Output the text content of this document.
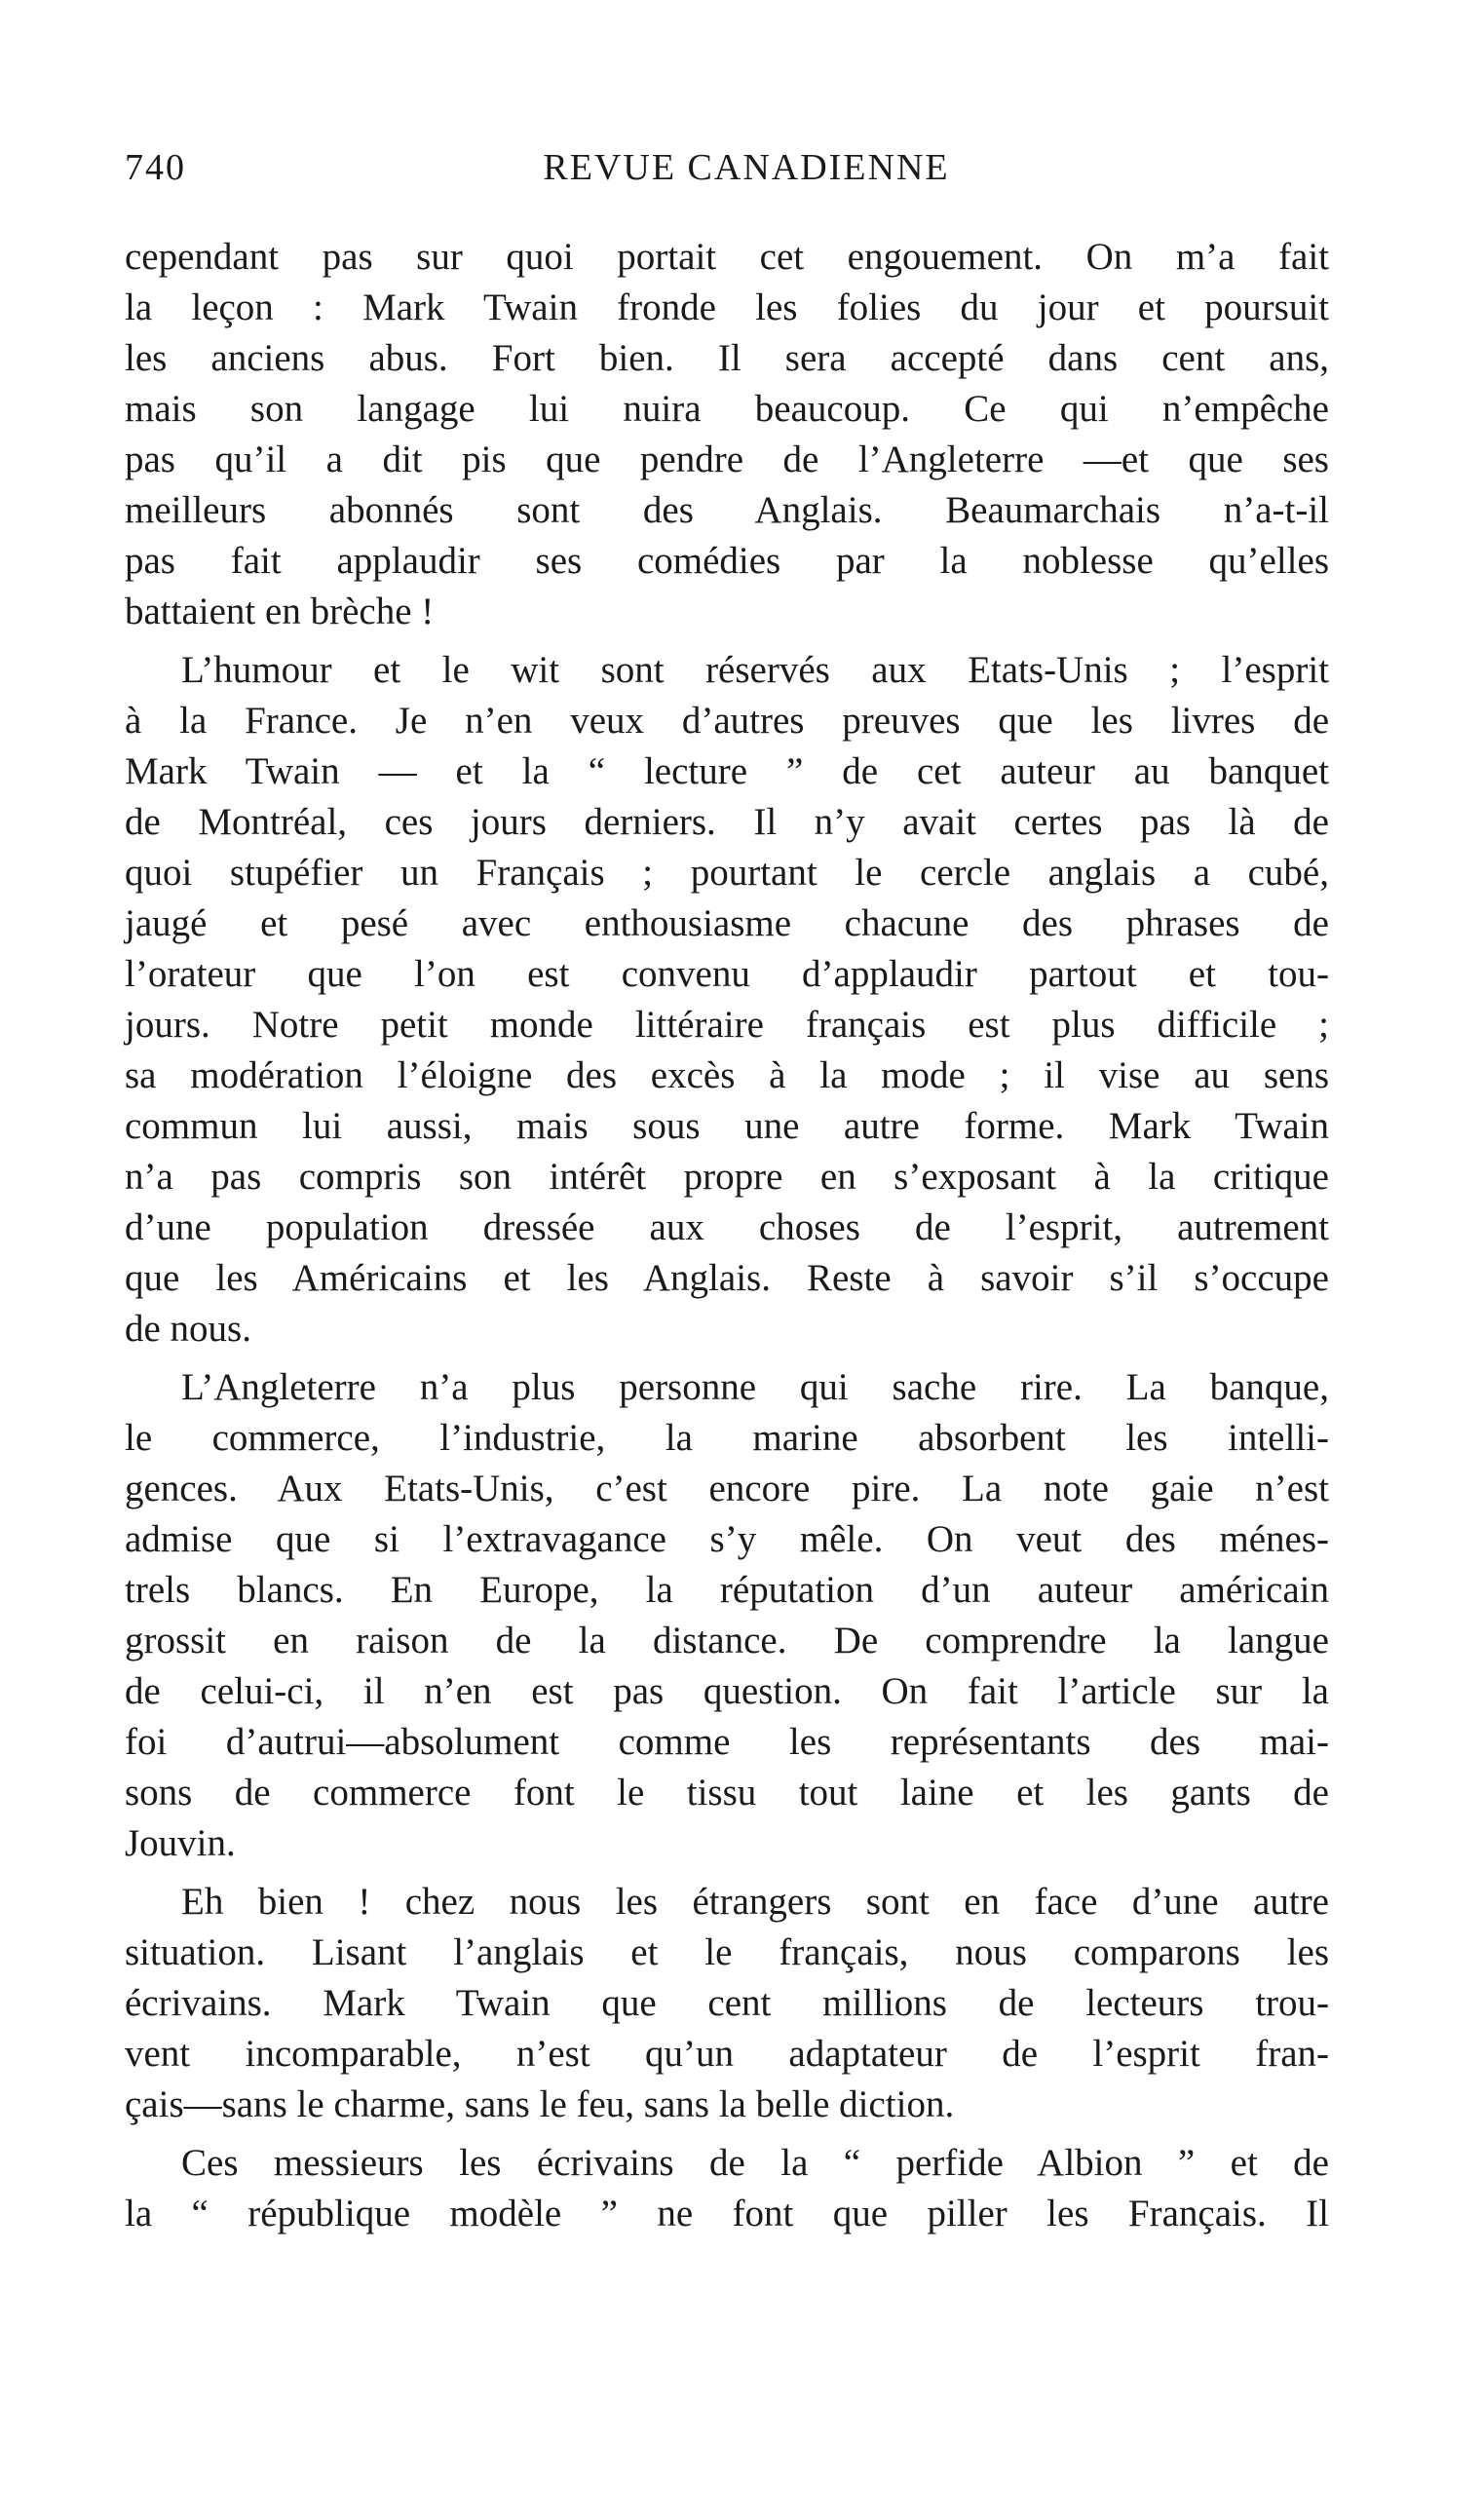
740	REVUE CANADIENNE

cependant pas sur quoi portait cet engouement. On m’a fait
la leçon : Mark Twain fronde les folies du jour et poursuit
les anciens abus. Fort bien. Il sera accepté dans cent ans,
mais son langage lui nuira beaucoup. Ce qui n’empêche
pas qu’il a dit pis que pendre de l’Angleterre —et que ses
meilleurs abonnés sont des Anglais. Beaumarchais n’a-t-il
pas fait applaudir ses comédies par la noblesse qu’elles
battaient en brèche !

L’humour et le wit sont réservés aux Etats-Unis ; l’esprit
à la France. Je n’en veux d’autres preuves que les livres de
Mark Twain — et la “ lecture ” de cet auteur au banquet
de Montréal, ces jours derniers. Il n’y avait certes pas là de
quoi stupéfier un Français ; pourtant le cercle anglais a cubé,
jaugé et pesé avec enthousiasme chacune des phrases de
l’orateur que l’on est convenu d’applaudir partout et tou-
jours. Notre petit monde littéraire français est plus difficile ;
sa modération l’éloigne des excès à la mode ; il vise au sens
commun lui aussi, mais sous une autre forme. Mark Twain
n’a pas compris son intérêt propre en s’exposant à la critique
d’une population dressée aux choses de l’esprit, autrement
que les Américains et les Anglais. Reste à savoir s’il s’occupe
de nous.

L’Angleterre n’a plus personne qui sache rire. La banque,
le commerce, l’industrie, la marine absorbent les intelli-
gences. Aux Etats-Unis, c’est encore pire. La note gaie n’est
admise que si l’extravagance s’y mêle. On veut des ménes-
trels blancs. En Europe, la réputation d’un auteur américain
grossit en raison de la distance. De comprendre la langue
de celui-ci, il n’en est pas question. On fait l’article sur la
foi d’autrui—absolument comme les représentants des mai-
sons de commerce font le tissu tout laine et les gants de
Jouvin.

Eh bien ! chez nous les étrangers sont en face d’une autre
situation. Lisant l’anglais et le français, nous comparons les
écrivains. Mark Twain que cent millions de lecteurs trou-
vent incomparable, n’est qu’un adaptateur de l’esprit fran-
çais—sans le charme, sans le feu, sans la belle diction.

Ces messieurs les écrivains de la “ perfide Albion ” et de
la “ république modèle ” ne font que piller les Français. Il
